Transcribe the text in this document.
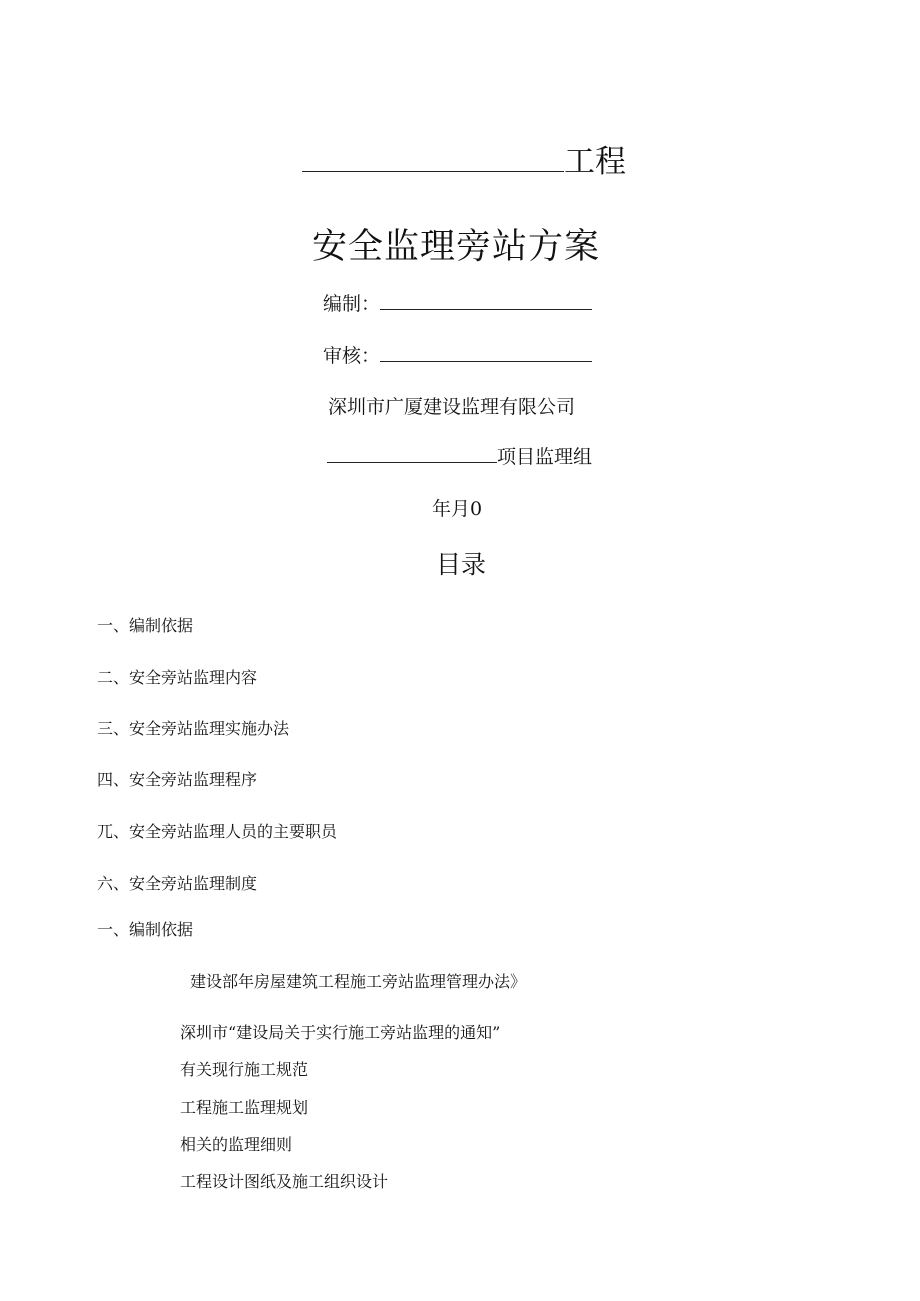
工程
安全监理旁站方案
编制：
审核：
深圳市广厦建设监理有限公司
项目监理组
年月0
目录
一、编制依据
二、安全旁站监理内容
三、安全旁站监理实施办法
四、安全旁站监理程序
兀、安全旁站监理人员的主要职员
六、安全旁站监理制度
一、编制依据
建设部年房屋建筑工程施工旁站监理管理办法》
深圳市“建设局关于实行施工旁站监理的通知”
有关现行施工规范
工程施工监理规划
相关的监理细则
工程设计图纸及施工组织设计
